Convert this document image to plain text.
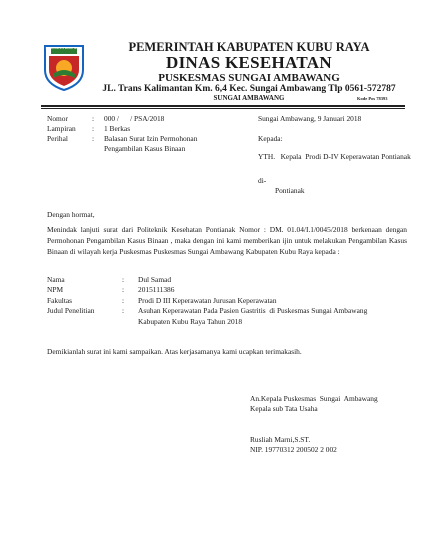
KABUPATEN KUBU RAYA	PEMERINTAH KABUPATEN KUBU RAYA
DINAS KESEHATAN
PUSKESMAS SUNGAI AMBAWANG
JL. Trans Kalimantan Km. 6,4 Kec. Sungai Ambawang Tlp 0561-572787
SUNGAI AMBAWANG	Kode Pos 78393
Nomor	: 000 /      / PSA/2018
Lampiran : 1 Berkas
Perihal	: Balasan Surat Izin Permohonan
Pengambilan Kasus Binaan
Sungai Ambawang, 9 Januari 2018
Kepada:
YTH.   Kepala  Prodi D-IV Keperawatan Pontianak
di-
Pontianak
Dengan hormat,
Menindak lanjuti surat dari Politeknik Kesehatan Pontianak Nomor : DM. 01.04/I.1/0045/2018 berkenaan dengan Permohonan Pengambilan Kasus Binaan , maka dengan ini kami memberikan ijin untuk melakukan Pengambilan Kasus Binaan di wilayah kerja Puskesmas Puskesmas Sungai Ambawang Kabupaten Kubu Raya kepada :
Nama	: Dul Samad
NPM	: 2015111386
Fakultas	: Prodi D III Keperawatan Jurusan Keperawatan
Judul Penelitian	: Asuhan Keperawatan Pada Pasien Gastritis  di Puskesmas Sungai Ambawang
Kabupaten Kubu Raya Tahun 2018
Demikianlah surat ini kami sampaikan. Atas kerjasamanya kami ucapkan terimakasih.
An.Kepala Puskesmas  Sungai  Ambawang
Kepala sub Tata Usaha
Rusliah Marni,S.ST.
NIP. 19770312 200502 2 002
